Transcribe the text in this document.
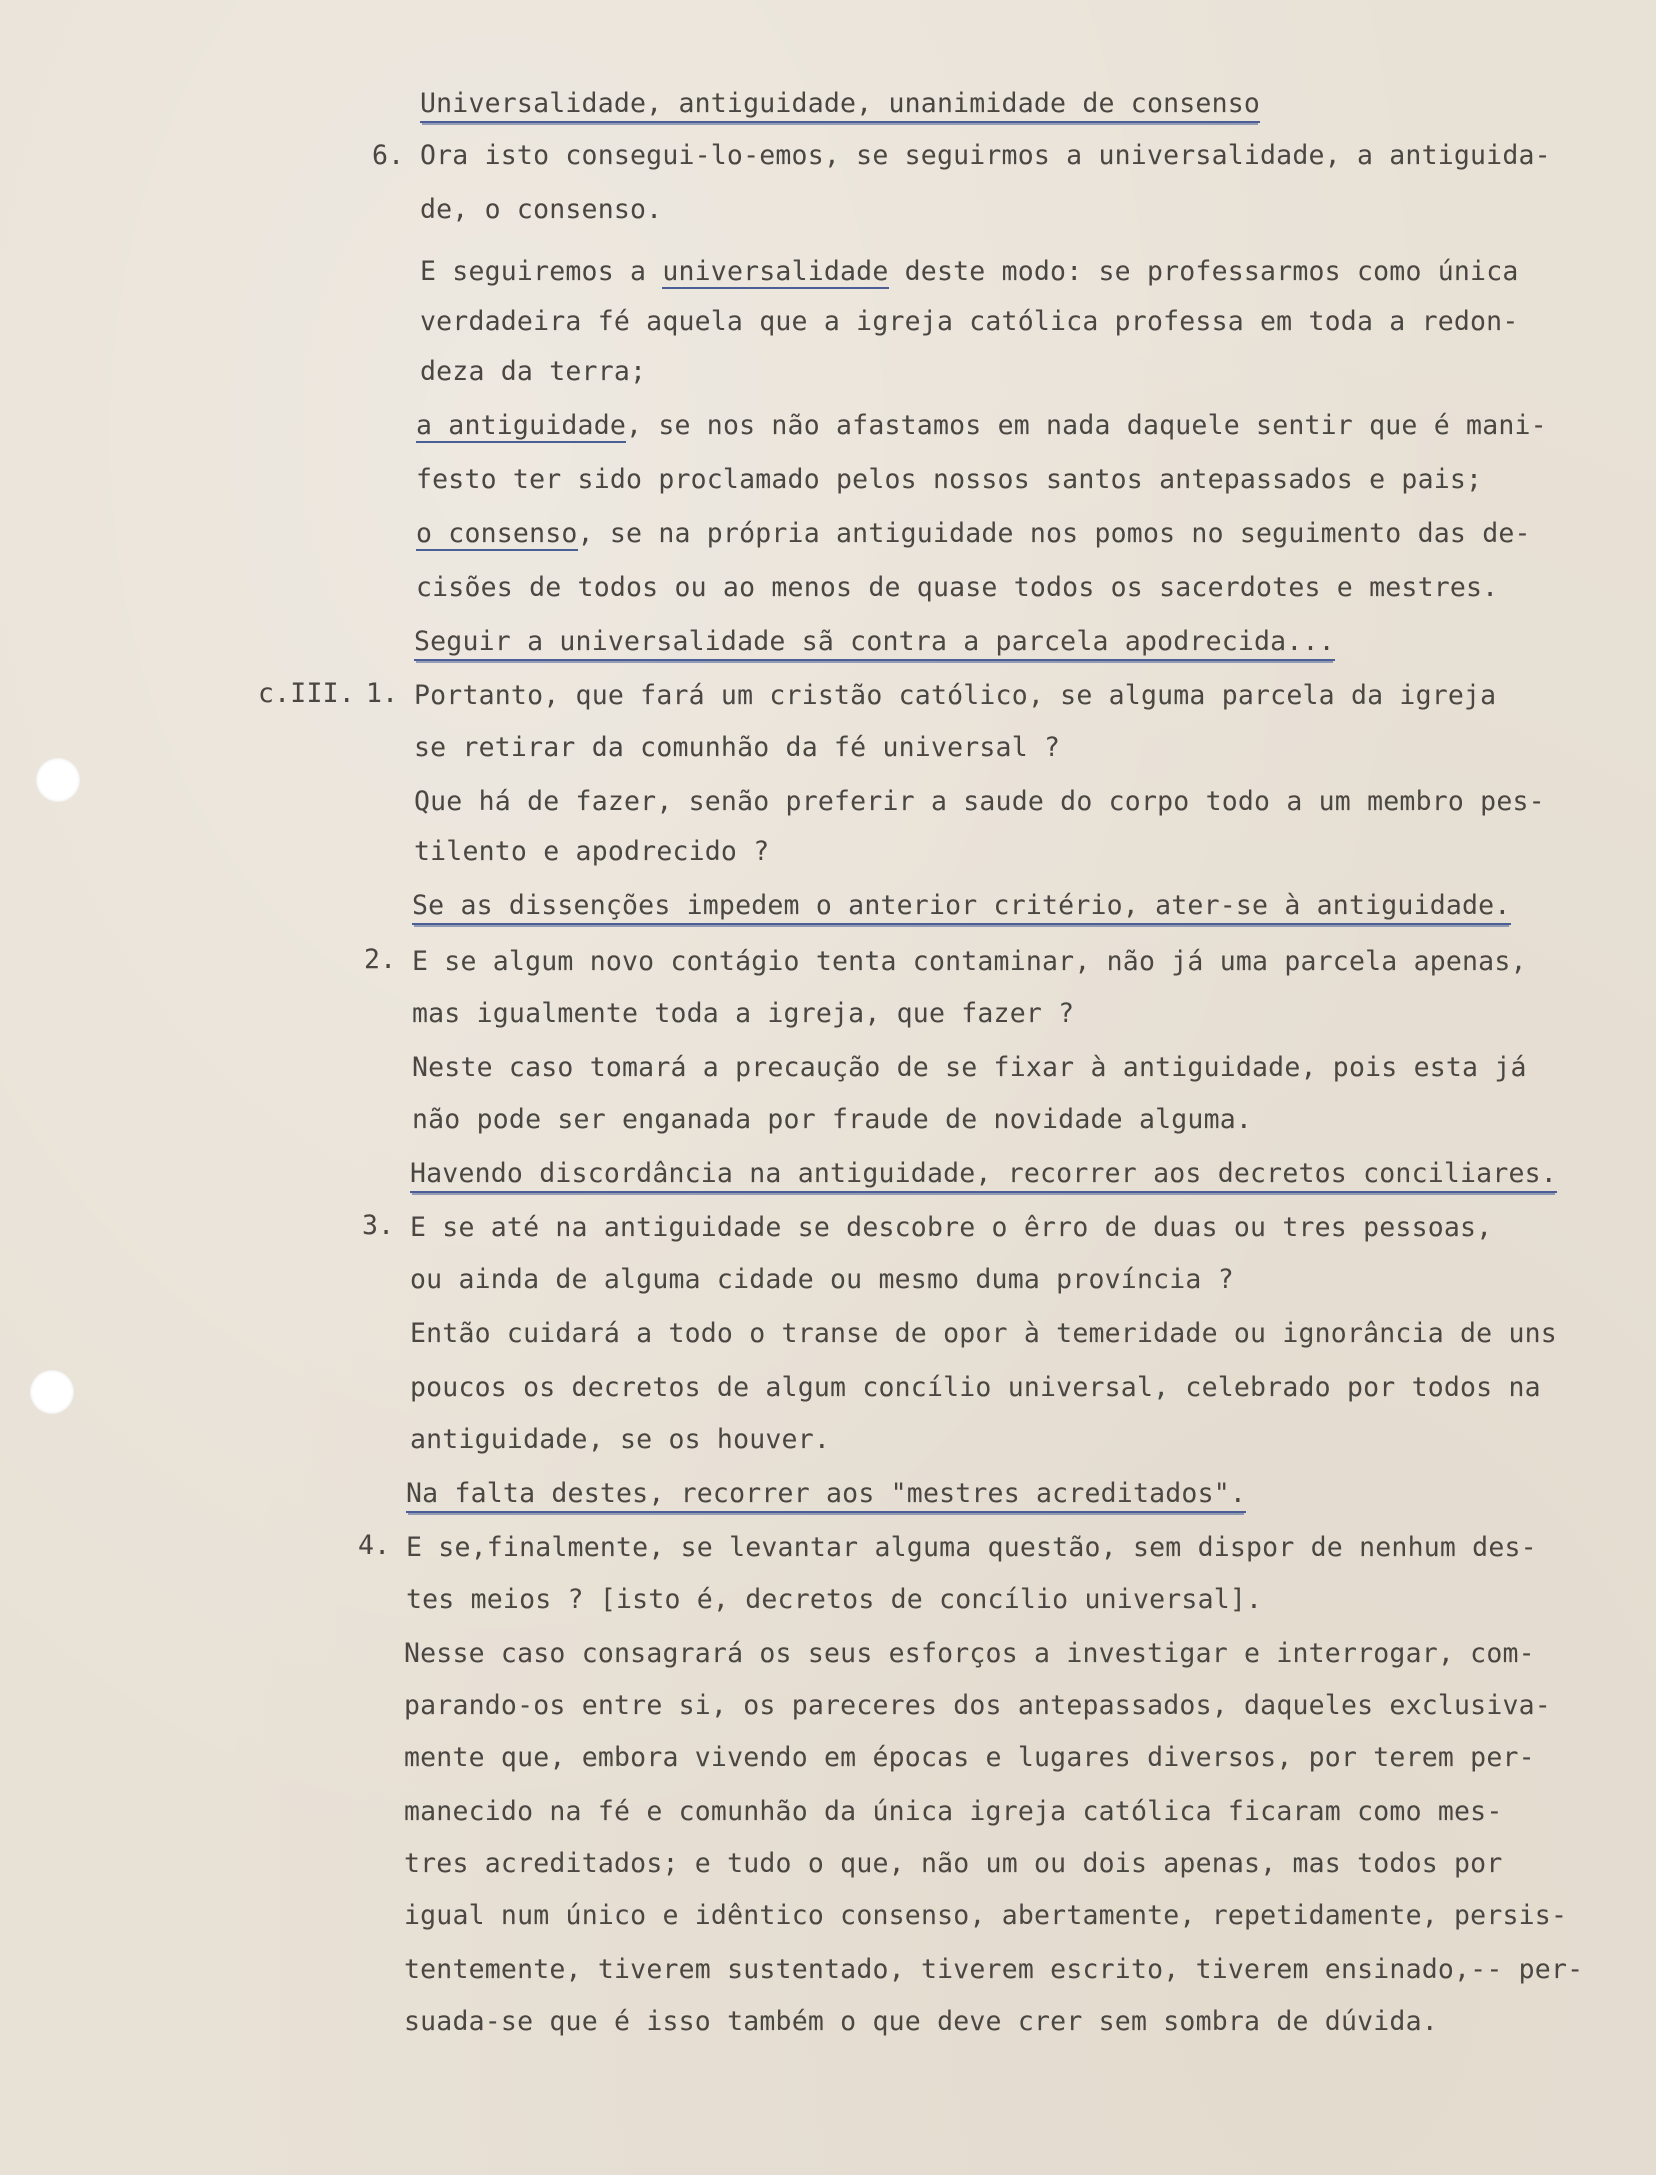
Universalidade, antiguidade, unanimidade de consenso
6. Ora isto consegui-lo-emos, se seguirmos a universalidade, a antiguida-
de, o consenso.
E seguiremos a universalidade deste modo: se professarmos como única
verdadeira fé aquela que a igreja católica professa em toda a redon-
deza da terra;
a antiguidade, se nos não afastamos em nada daquele sentir que é mani-
festo ter sido proclamado pelos nossos santos antepassados e pais;
o consenso, se na própria antiguidade nos pomos no seguimento das de-
cisões de todos ou ao menos de quase todos os sacerdotes e mestres.
Seguir a universalidade sã contra a parcela apodrecida...
c.III. 1. Portanto, que fará um cristão católico, se alguma parcela da igreja
se retirar da comunhão da fé universal ?
Que há de fazer, senão preferir a saude do corpo todo a um membro pes-
tilento e apodrecido ?
Se as dissenções impedem o anterior critério, ater-se à antiguidade.
2. E se algum novo contágio tenta contaminar, não já uma parcela apenas,
mas igualmente toda a igreja, que fazer ?
Neste caso tomará a precaução de se fixar à antiguidade, pois esta já
não pode ser enganada por fraude de novidade alguma.
Havendo discordância na antiguidade, recorrer aos decretos conciliares.
3. E se até na antiguidade se descobre o êrro de duas ou tres pessoas,
ou ainda de alguma cidade ou mesmo duma província ?
Então cuidará a todo o transe de opor à temeridade ou ignorância de uns
poucos os decretos de algum concílio universal, celebrado por todos na
antiguidade, se os houver.
Na falta destes, recorrer aos "mestres acreditados".
4. E se,finalmente, se levantar alguma questão, sem dispor de nenhum des-
tes meios ? [isto é, decretos de concílio universal].
Nesse caso consagrará os seus esforços a investigar e interrogar, com-
parando-os entre si, os pareceres dos antepassados, daqueles exclusiva-
mente que, embora vivendo em épocas e lugares diversos, por terem per-
manecido na fé e comunhão da única igreja católica ficaram como mes-
tres acreditados; e tudo o que, não um ou dois apenas, mas todos por
igual num único e idêntico consenso, abertamente, repetidamente, persis-
tentemente, tiverem sustentado, tiverem escrito, tiverem ensinado,-- per-
suada-se que é isso também o que deve crer sem sombra de dúvida.
